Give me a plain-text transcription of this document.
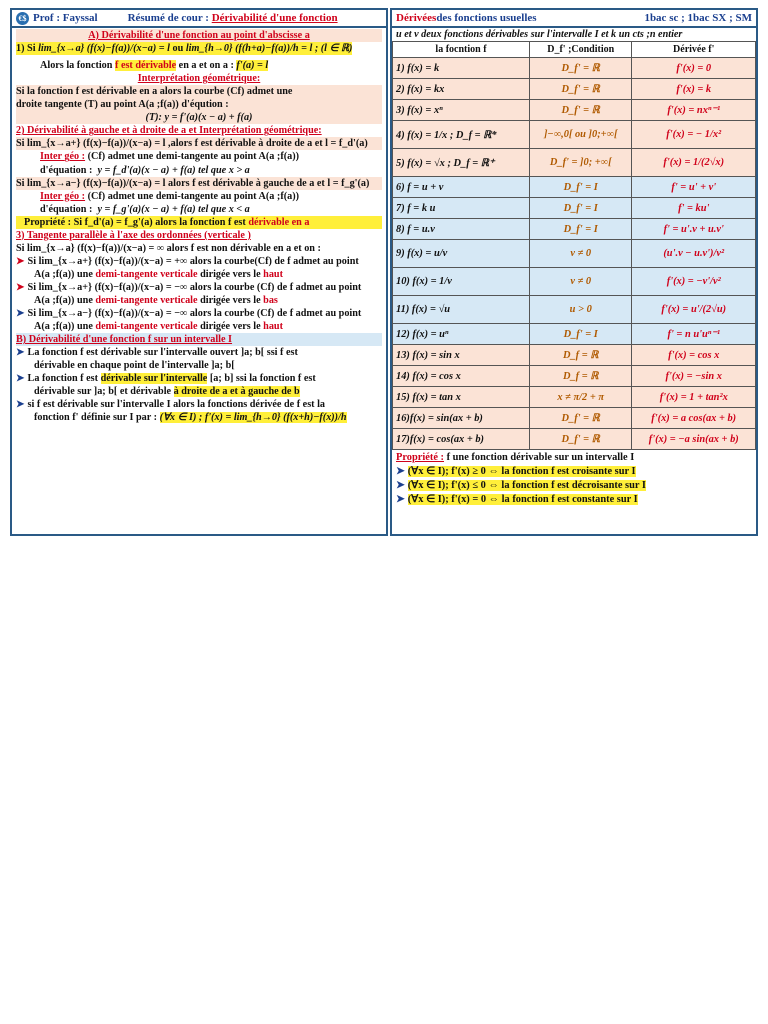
€$ Prof : Fayssal	Résumé de cour :
Dérivabilité d'une fonction
A) Dérivabilité d'une fonction au point d'abscisse a
1) Si lim_{x→a} (f(x)−f(a))/(x−a) = l ou lim_{h→0} (f(h+a)−f(a))/h = l ; (l ∈ ℝ)
Alors la fonction f est dérivable en a et on a : f'(a) = l
Interprétation géométrique:
Si la fonction f est dérivable en a alors la courbe (Cf) admet une
droite tangente (T) au point A(a ;f(a)) d'éqution :
(T): y = f'(a)(x − a) + f(a)
2) Dérivabilité à gauche et à droite de a et Interprétation géométrique:
Si lim_{x→a+} (f(x)−f(a))/(x−a) = l ,alors f est dérivable à droite de a et l = f_d'(a)
Inter géo : (Cf) admet une demi-tangente au point A(a ;f(a))
d'équation : y = f_d'(a)(x − a) + f(a) tel que x > a
Si lim_{x→a−} (f(x)−f(a))/(x−a) = l alors f est dérivable à gauche de a et l = f_g'(a)
Inter géo : (Cf) admet une demi-tangente au point A(a ;f(a))
d'équation : y = f_g'(a)(x − a) + f(a) tel que x < a
Propriété : Si f_d'(a) = f_g'(a) alors la fonction f est dérivable en a
3) Tangente parallèle à l'axe des ordonnées (verticale )
Si lim_{x→a} (f(x)−f(a))/(x−a) = ∞ alors f est non dérivable en a et on :
➤ Si lim_{x→a+} (f(x)−f(a))/(x−a) = +∞ alors la courbe(Cf) de f admet au point
A(a ;f(a)) une demi-tangente verticale dirigée vers le haut
➤ Si lim_{x→a+} (f(x)−f(a))/(x−a) = −∞ alors la courbe (Cf) de f admet au point
A(a ;f(a)) une demi-tangente verticale dirigée vers le bas
➤ Si lim_{x→a−} (f(x)−f(a))/(x−a) = −∞ alors la courbe (Cf) de f admet au point
A(a ;f(a)) une demi-tangente verticale dirigée vers le haut
B) Dérivabilité d'une fonction f sur un intervalle I
➤ La fonction f est dérivable sur l'intervalle ouvert ]a; b[ ssi f est
dérivable en chaque point de l'intervalle ]a; b[
➤ La fonction f est dérivable sur l'intervalle [a; b] ssi la fonction f est
dérivable sur ]a; b[ et dérivable à droite de a et à gauche de b
➤ si f est dérivable sur l'intervalle I alors la fonctions dérivée de f est la
fonction f' définie sur I par : (∀x ∈ I) ; f'(x) = lim_{h→0} (f(x+h)−f(x))/h
Dérivées des fonctions usuelles	1bac sc ; 1bac SX ; SM
u et v deux fonctions dérivables sur l'intervalle I et k un cts ;n entier
la focntion f	D_f' ;Condition	Dérivée f'
1) f(x) = k	D_f' = ℝ	f'(x) = 0
2) f(x) = kx	D_f' = ℝ	f'(x) = k
3) f(x) = xⁿ	D_f' = ℝ	f'(x) = nxⁿ⁻¹
4) f(x) = 1/x ; D_f = ℝ*	]−∞,0[ ou ]0;+∞[	f'(x) = − 1/x²
5) f(x) = √x ; D_f = ℝ⁺	D_f' = ]0; +∞[	f'(x) = 1/(2√x)
6) f = u + v	D_f' = I	f' = u' + v'
7) f = k u	D_f' = I	f' = ku'
8) f = u.v	D_f' = I	f' = u'.v + u.v'
9) f(x) = u/v	v ≠ 0	(u'.v − u.v')/v²
10) f(x) = 1/v	v ≠ 0	f'(x) = −v'/v²
11) f(x) = √u	u > 0	f'(x) = u'/(2√u)
12) f(x) = uⁿ	D_f' = I	f' = n u'uⁿ⁻¹
13) f(x) = sin x	D_f = ℝ	f'(x) = cos x
14) f(x) = cos x	D_f = ℝ	f'(x) = −sin x
15) f(x) = tan x	x ≠ π/2 + π	f'(x) = 1 + tan²x
16)f(x) = sin(ax + b)	D_f' = ℝ	f'(x) = a cos(ax + b)
17)f(x) = cos(ax + b)	D_f' = ℝ	f'(x) = −a sin(ax + b)
Propriété : f une fonction dérivable sur un intervalle I
➤ (∀x ∈ I); f'(x) ≥ 0 ⇔ la fonction f est croisante sur I
➤ (∀x ∈ I); f'(x) ≤ 0 ⇔ la fonction f est décroisante sur I
➤ (∀x ∈ I); f'(x) = 0 ⇔ la fonction f est constante sur I
